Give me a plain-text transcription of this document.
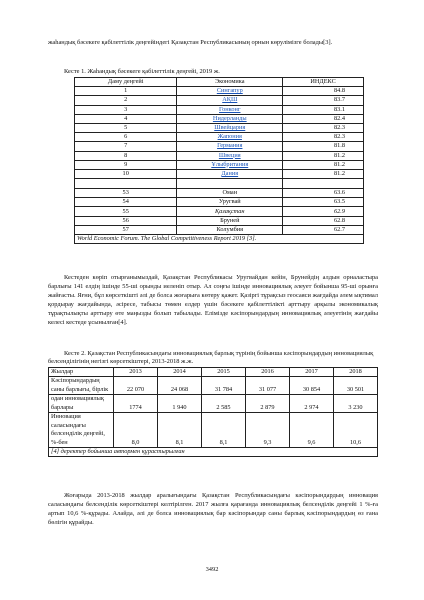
жаһандық бәсекеге қабілеттілік деңгейіндегі Қазақстан Республикасының орнын көрулімізге болады[3].
Кесте 1. Жаһандық бәсекеге қабілеттілік деңгейі, 2019 ж.
Даму деңгейі	Экономика	ИНДЕКС
1	Сингапур	84.8
2	АҚШ	83.7
3	Гонконг	83.1
4	Нидерланды	82.4
5	Швейцария	82.3
6	Жапония	82.3
7	Германия	81.8
8	Швеция	81.2
9	Ұлыбритания	81.2
10	Дания	81.2

53	Оман	63.6
54	Уругвай	63.5
55	Қазақстан	62.9
56	Бруней	62.8
57	Колумбия	62.7
World Economic Forum. The Global Competitiveness Report 2019 [3].		
Кестеден көріп отырғанымыздай, Қазақстан Республикасы Уругвайдан кейін, Брунейдің алдын орналастыра барлығы 141 елдің ішінде 55-ші орынды иеленіп отыр. Ал соңғы ішінде инновациялық әлеует бойынша 95-ші орынға жайғасты. Яғни, бұл көрсеткішті әлі де болса жоғарыға көтеру қажет. Қазіргі тұрақсыз геосаяси жағдайда әлем ықтимал қордырау жағдайында, әсіресе, табысы төмен елдер үшін бәсекеге қабілеттілікті арттыру арқылы экономикалық тұрақтылықты арттыру өте маңызды болып табылады. Елімізде кәсіпорындардың инновациялық әлеуетінің жағдайы келесі кестеде ұсынылған[4].
Кесте 2. Қазақстан Республикасындағы инновациялық барлық түрінің бойынша кәсіпорындардың инновациялық белсенділігінің негізгі көрсеткіштері, 2013-2018 ж.ж.
Жылдар	2013	2014	2015	2016	2017	2018
Кәсіпорындардың саны барлығы, бірлік	22 070	24 068	31 784	31 077	30 854	30 501
одан инновациялық барлары	1774	1 940	2 585	2 879	2 974	3 230
Инновация саласындағы белсенділік деңгейі, %-бен	8,0	8,1	8,1	9,3	9,6	10,6
[4] деректер бойынша автормен құрастырылған						
Жоғарыда 2013-2018 жылдар аралығындағы Қазақстан Республикасындағы кәсіпорындардың инновация саласындағы белсенділік көрсеткіштері келтірілген. 2017 жылға қарағанда инновациялық белсенділік деңгейі 1 %-ға артып 10,6 %-құрады. Алайда, әлі де болса инновациялық бар кәсіпорындар саны барлық кәсіпорындардың өз ғана бөлігін құрайды.
3492
